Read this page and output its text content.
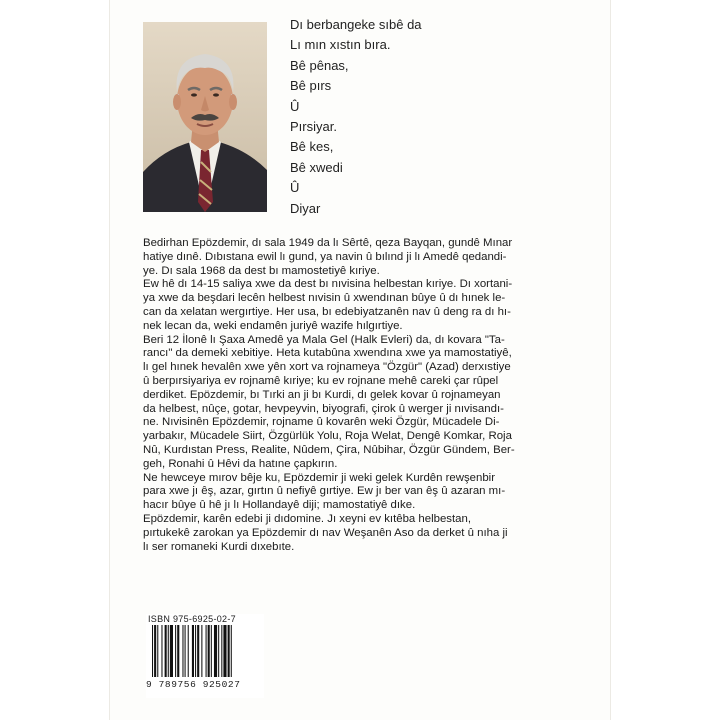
Dı berbangeke sıbê da
Lı mın xıstın bıra.
Bê pênas,
Bê pırs
Û
Pırsiyar.
Bê kes,
Bê xwedi
Û
Diyar

Bedirhan Epözdemir, dı sala 1949 da lı Sêrtê, qeza Bayqan, gundê Mınar

hatiye dınê. Dıbıstana ewil lı gund, ya navin û bılınd ji lı Amedê qedandi-

ye. Dı sala 1968 da dest bı mamostetiyê kıriye.

Ew hê dı 14-15 saliya xwe da dest bı nıvisina helbestan kıriye. Dı xortani-

ya xwe da beşdari lecên helbest nıvisin û xwendınan bûye û dı hınek le-

can da xelatan wergırtiye. Her usa, bı edebiyatzanên nav û deng ra dı hı-

nek lecan da, weki endamên juriyê wazife hılgırtiye.

Beri 12 İlonê lı Şaxa Amedê ya Mala Gel (Halk Evleri) da, dı kovara "Ta-

rancı" da demeki xebitiye. Heta kutabûna xwendına xwe ya mamostatiyê,

lı gel hınek hevalên xwe yên xort va rojnameya "Özgür" (Azad) derxıstiye

û berpırsiyariya ev rojnamê kıriye; ku ev rojnane mehê careki çar rûpel

derdiket. Epözdemir, bı Tırki an ji bı Kurdi, dı gelek kovar û rojnameyan

da helbest, nûçe, gotar, hevpeyvin, biyografi, çirok û werger ji nıvisandı-

ne. Nıvisinên Epözdemir, rojname û kovarên weki Özgür, Mücadele Di-

yarbakır, Mücadele Siirt, Özgürlük Yolu, Roja Welat, Dengê Komkar, Roja

Nû, Kurdıstan Press, Realite, Nûdem, Çira, Nûbihar, Özgür Gündem, Ber-

geh, Ronahi û Hêvi da hatıne çapkırın.

Ne hewceye mırov bêje ku, Epözdemir ji weki gelek Kurdên rewşenbir

para xwe jı êş, azar, gırtın û nefiyê gırtiye. Ew jı ber van êş û azaran mı-

hacır bûye û hê jı lı Hollandayê diji; mamostatiyê dıke.

Epözdemir, karên edebi ji dıdomine. Jı xeyni ev kıtêba helbestan,

pırtukekê zarokan ya Epözdemir dı nav Weşanên Aso da derket û nıha ji

lı ser romaneki Kurdi dıxebıte.

ISBN 975-6925-02-7
9 789756 925027
